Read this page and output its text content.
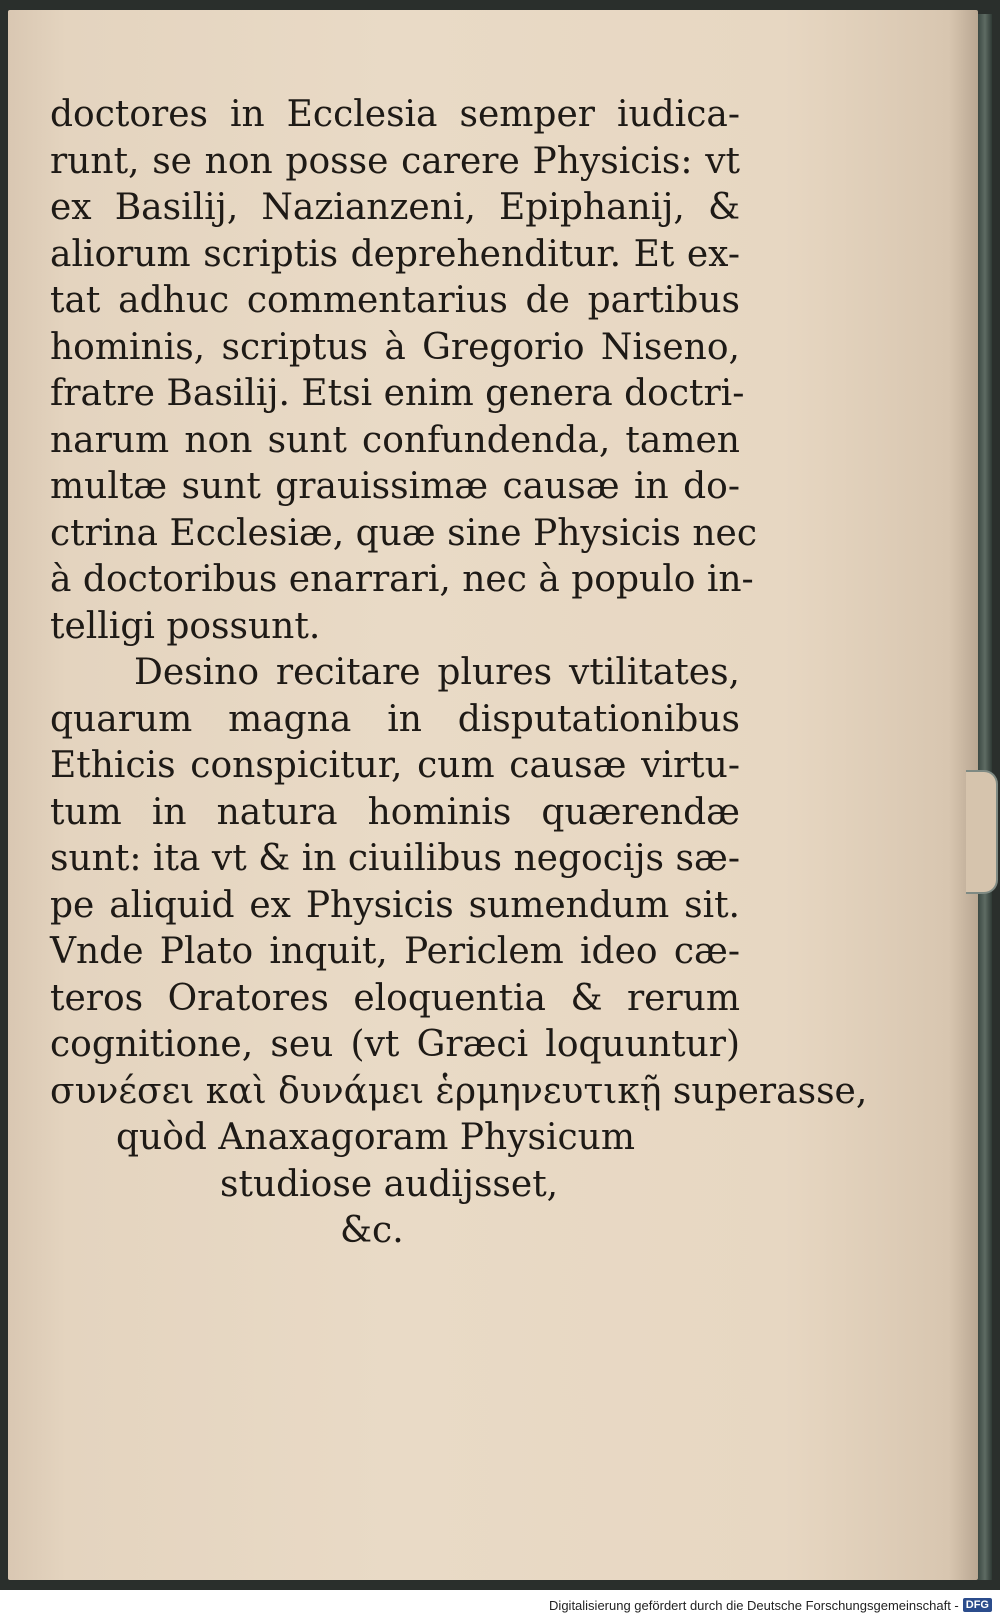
doctores in Ecclesia semper iudica-
runt, se non posse carere Physicis: vt
ex Basilij, Nazianzeni, Epiphanij, &
aliorum scriptis deprehenditur. Et ex-
tat adhuc commentarius de partibus
hominis, scriptus à Gregorio Niseno,
fratre Basilij. Etsi enim genera doctri-
narum non sunt confundenda, tamen
multæ sunt grauissimæ causæ in do-
ctrina Ecclesiæ, quæ sine Physicis nec
à doctoribus enarrari, nec à populo in-
telligi possunt.
Desino recitare plures vtilitates,
quarum magna in disputationibus
Ethicis conspicitur, cum causæ virtu-
tum in natura hominis quærendæ
sunt: ita vt & in ciuilibus negocijs sæ-
pe aliquid ex Physicis sumendum sit.
Vnde Plato inquit, Periclem ideo cæ-
teros Oratores eloquentia & rerum
cognitione, seu (vt Græci loquuntur)
συνέσει καὶ δυνάμει ἑρμηνευτικῇ superasse,
quòd Anaxagoram Physicum
studiose audijsset,
&c.
Digitalisierung gefördert durch die Deutsche Forschungsgemeinschaft - DFG
